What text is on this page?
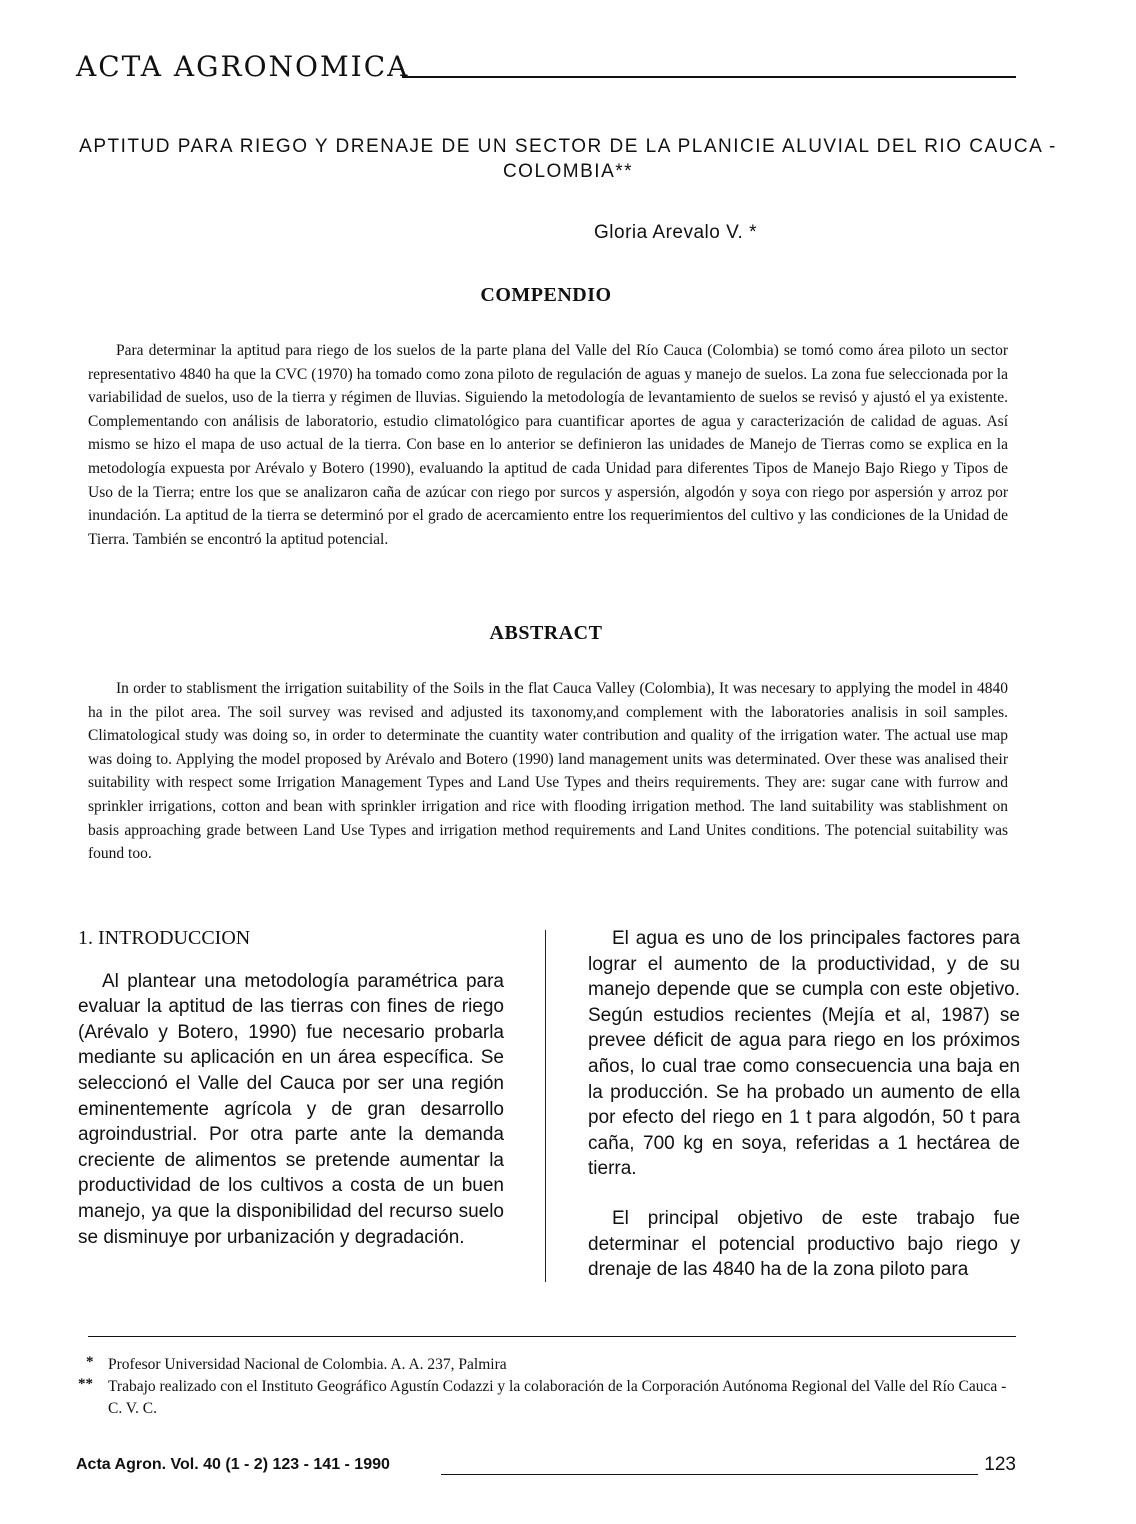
ACTA AGRONOMICA
APTITUD PARA RIEGO Y DRENAJE DE UN SECTOR DE LA PLANICIE ALUVIAL DEL RIO CAUCA - COLOMBIA**
Gloria Arevalo V. *
COMPENDIO

Para determinar la aptitud para riego de los suelos de la parte plana del Valle del Río Cauca (Colombia) se tomó como área piloto un sector representativo 4840 ha que la CVC (1970) ha tomado como zona piloto de regulación de aguas y manejo de suelos. La zona fue seleccionada por la variabilidad de suelos, uso de la tierra y régimen de lluvias. Siguiendo la metodología de levantamiento de suelos se revisó y ajustó el ya existente. Complementando con análisis de laboratorio, estudio climatológico para cuantificar aportes de agua y caracterización de calidad de aguas. Así mismo se hizo el mapa de uso actual de la tierra. Con base en lo anterior se definieron las unidades de Manejo de Tierras como se explica en la metodología expuesta por Arévalo y Botero (1990), evaluando la aptitud de cada Unidad para diferentes Tipos de Manejo Bajo Riego y Tipos de Uso de la Tierra; entre los que se analizaron caña de azúcar con riego por surcos y aspersión, algodón y soya con riego por aspersión y arroz por inundación. La aptitud de la tierra se determinó por el grado de acercamiento entre los requerimientos del cultivo y las condiciones de la Unidad de Tierra. También se encontró la aptitud potencial.

ABSTRACT

In order to stablisment the irrigation suitability of the Soils in the flat Cauca Valley (Colombia), It was necesary to applying the model in 4840 ha in the pilot area. The soil survey was revised and adjusted its taxonomy,and complement with the laboratories analisis in soil samples. Climatological study was doing so, in order to determinate the cuantity water contribution and quality of the irrigation water. The actual use map was doing to. Applying the model proposed by Arévalo and Botero (1990) land management units was determinated. Over these was analised their suitability with respect some Irrigation Management Types and Land Use Types and theirs requirements. They are: sugar cane with furrow and sprinkler irrigations, cotton and bean with sprinkler irrigation and rice with flooding irrigation method. The land suitability was stablishment on basis approaching grade between Land Use Types and irrigation method requirements and Land Unites conditions. The potencial suitability was found too.

1. INTRODUCCION

Al plantear una metodología paramétrica para evaluar la aptitud de las tierras con fines de riego (Arévalo y Botero, 1990) fue necesario probarla mediante su aplicación en un área específica. Se seleccionó el Valle del Cauca por ser una región eminentemente agrícola y de gran desarrollo agroindustrial. Por otra parte ante la demanda creciente de alimentos se pretende aumentar la productividad de los cultivos a costa de un buen manejo, ya que la disponibilidad del recurso suelo se disminuye por urbanización y degradación.

El agua es uno de los principales factores para lograr el aumento de la productividad, y de su manejo depende que se cumpla con este objetivo. Según estudios recientes (Mejía et al, 1987) se prevee déficit de agua para riego en los próximos años, lo cual trae como consecuencia una baja en la producción. Se ha probado un aumento de ella por efecto del riego en 1 t para algodón, 50 t para caña, 700 kg en soya, referidas a 1 hectárea de tierra.

El principal objetivo de este trabajo fue determinar el potencial productivo bajo riego y drenaje de las 4840 ha de la zona piloto para

* Profesor Universidad Nacional de Colombia. A. A. 237, Palmira
** Trabajo realizado con el Instituto Geográfico Agustín Codazzi y la colaboración de la Corporación Autónoma Regional del Valle del Río Cauca - C. V. C.
Acta Agron. Vol. 40 (1 - 2) 123 - 141 - 1990	123
